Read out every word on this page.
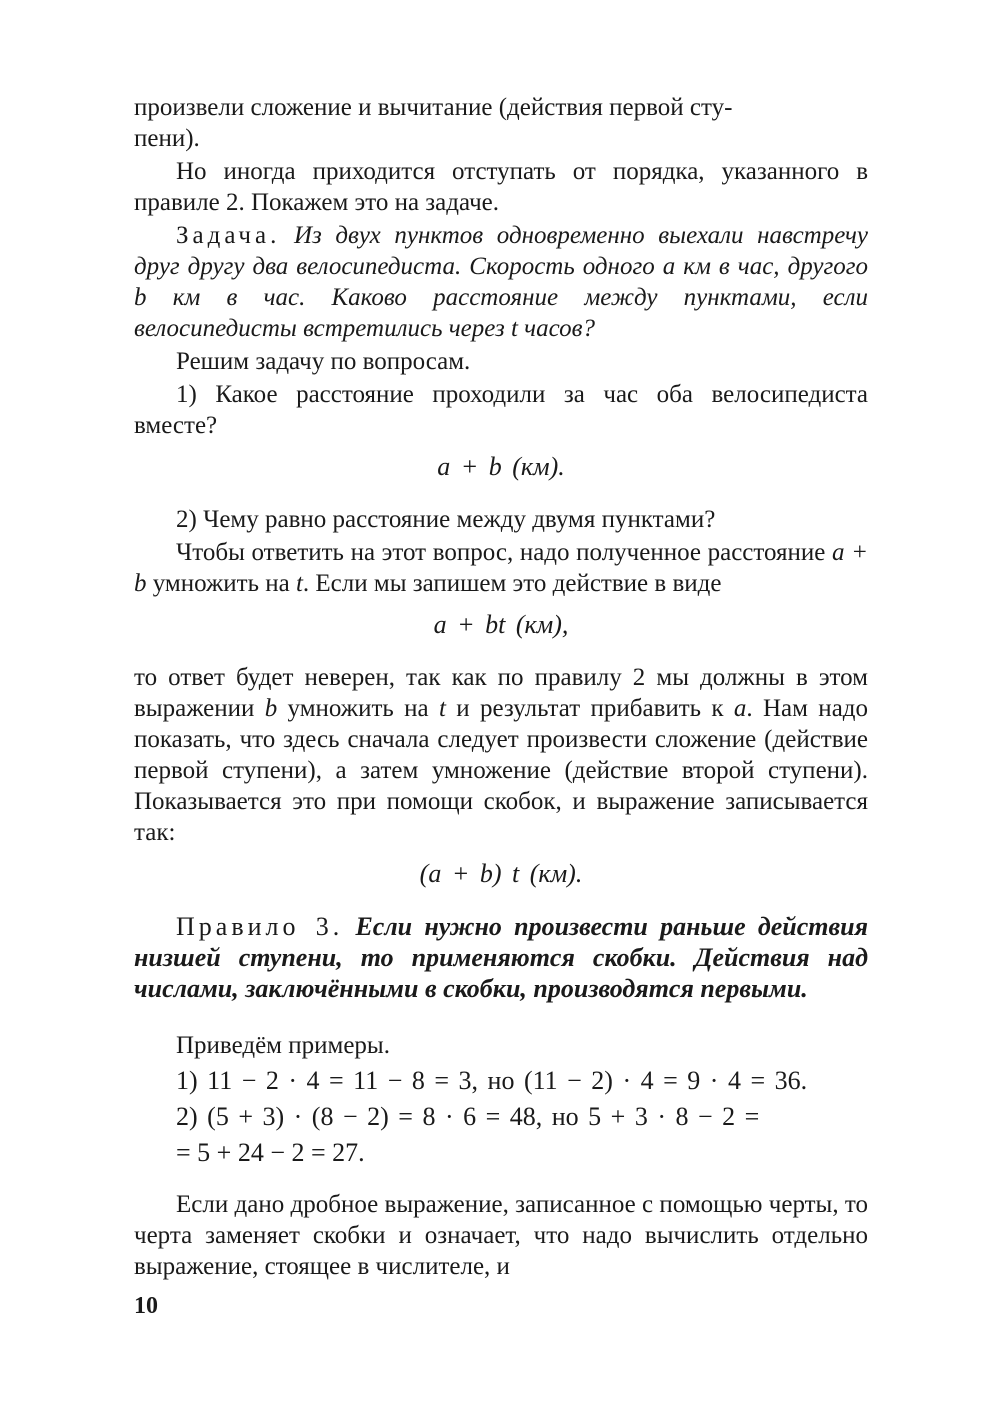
произвели сложение и вычитание (действия первой сту-
пени).

Но иногда приходится отступать от порядка, указанного в правиле 2. Покажем это на задаче.

Задача. Из двух пунктов одновременно выехали навстречу друг другу два велосипедиста. Скорость одного a км в час, другого b км в час. Каково расстояние между пунктами, если велосипедисты встретились через t часов?

Решим задачу по вопросам.

1) Какое расстояние проходили за час оба велосипедиста вместе?

a + b (км).

2) Чему равно расстояние между двумя пунктами?

Чтобы ответить на этот вопрос, надо полученное расстояние a + b умножить на t. Если мы запишем это действие в виде

a + bt (км),

то ответ будет неверен, так как по правилу 2 мы должны в этом выражении b умножить на t и результат прибавить к a. Нам надо показать, что здесь сначала следует произвести сложение (действие первой ступени), а затем умножение (действие второй ступени). Показывается это при помощи скобок, и выражение записывается так:

(a + b) t (км).

Правило 3. Если нужно произвести раньше действия низшей ступени, то применяются скобки. Действия над числами, заключёнными в скобки, производятся первыми.

Приведём примеры.

1) 11 − 2 · 4 = 11 − 8 = 3, но (11 − 2) · 4 = 9 · 4 = 36.
2) (5 + 3) · (8 − 2) = 8 · 6 = 48, но 5 + 3 · 8 − 2 =
= 5 + 24 − 2 = 27.

Если дано дробное выражение, записанное с помощью черты, то черта заменяет скобки и означает, что надо вычислить отдельно выражение, стоящее в числителе, и

10
